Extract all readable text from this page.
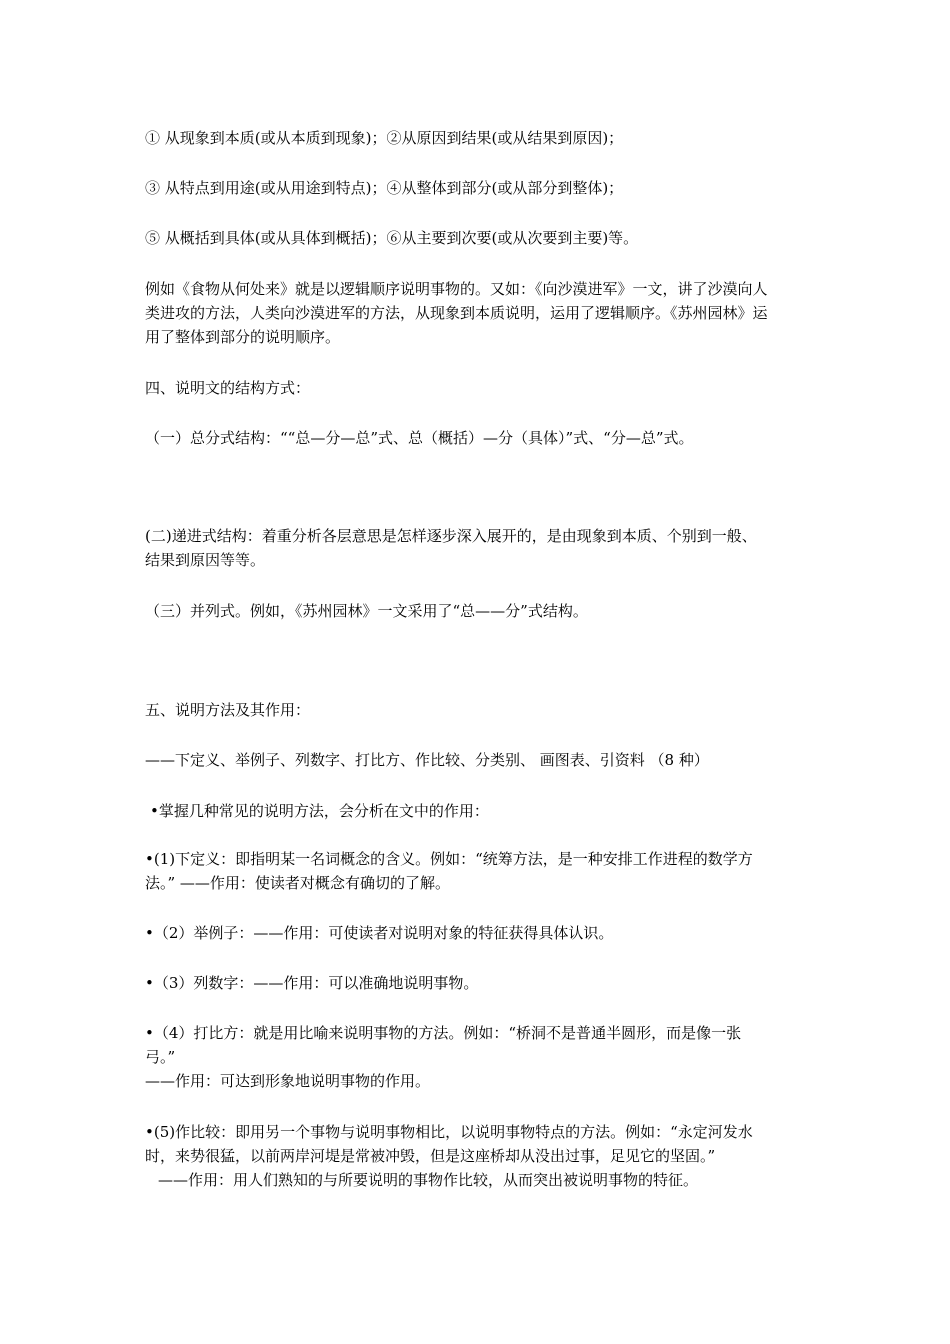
① 从现象到本质(或从本质到现象)；②从原因到结果(或从结果到原因)；

③ 从特点到用途(或从用途到特点)；④从整体到部分(或从部分到整体)；

⑤ 从概括到具体(或从具体到概括)；⑥从主要到次要(或从次要到主要)等。

例如《食物从何处来》就是以逻辑顺序说明事物的。又如：《向沙漠进军》一文，讲了沙漠向人
类进攻的方法，人类向沙漠进军的方法，从现象到本质说明，运用了逻辑顺序。《苏州园林》运
用了整体到部分的说明顺序。

四、说明文的结构方式：

（一）总分式结构：““总—分—总”式、总（概括）—分（具体）”式、“分—总”式。

(二)递进式结构：着重分析各层意思是怎样逐步深入展开的，是由现象到本质、个别到一般、
结果到原因等等。

（三）并列式。例如，《苏州园林》一文采用了“总——分”式结构。

五、说明方法及其作用：

——下定义、举例子、列数字、打比方、作比较、分类别、 画图表、引资料 （8 种）

•掌握几种常见的说明方法，会分析在文中的作用：

•(1)下定义：即指明某一名词概念的含义。例如：“统筹方法，是一种安排工作进程的数学方
法。” ——作用：使读者对概念有确切的了解。

•（2）举例子：——作用：可使读者对说明对象的特征获得具体认识。

•（3）列数字：——作用：可以准确地说明事物。

•（4）打比方：就是用比喻来说明事物的方法。例如：“桥洞不是普通半圆形，而是像一张
弓。”
——作用：可达到形象地说明事物的作用。

•(5)作比较：即用另一个事物与说明事物相比，以说明事物特点的方法。例如：“永定河发水
时，来势很猛，以前两岸河堤是常被冲毁，但是这座桥却从没出过事，足见它的坚固。”
——作用：用人们熟知的与所要说明的事物作比较，从而突出被说明事物的特征。
